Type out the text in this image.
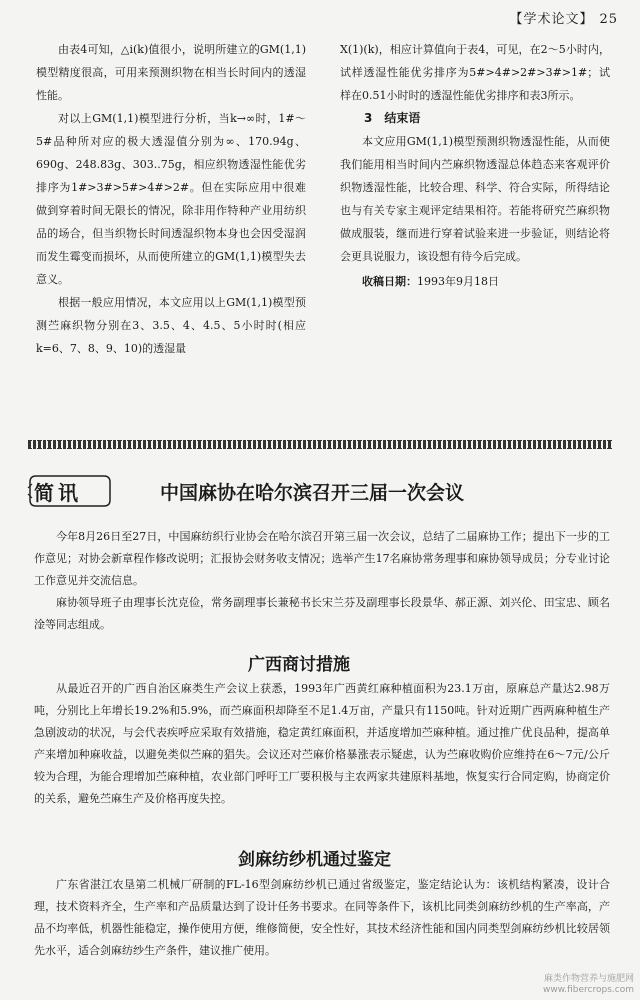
【学术论文】 25

由表4可知，△i(k)值很小，说明所建立的GM(1,1)模型精度很高，可用来预测织物在相当长时间内的透湿性能。

对以上GM(1,1)模型进行分析，当k→∞时，1#～5#品种所对应的极大透湿值分别为∞、170.94g、690g、248.83g、303..75g，相应织物透湿性能优劣排序为1#>3#>5#>4#>2#。但在实际应用中很难做到穿着时间无限长的情况，除非用作特种产业用纺织品的场合，但当织物长时间透湿织物本身也会因受湿润而发生霉变而损坏，从而使所建立的GM(1,1)模型失去意义。

根据一般应用情况，本文应用以上GM(1,1)模型预测苎麻织物分别在3、3.5、4、4.5、5小时时(相应k=6、7、8、9、10)的透湿量

X(1)(k)，相应计算值向于表4，可见，在2～5小时内，试样透湿性能优劣排序为5#>4#>2#>3#>1#；试样在0.51小时时的透湿性能优劣排序和表3所示。

3　结束语

本文应用GM(1,1)模型预测织物透湿性能，从而使我们能用相当时间内苎麻织物透湿总体趋态来客观评价织物透湿性能，比较合理、科学、符合实际，所得结论也与有关专家主观评定结果相符。若能将研究苎麻织物做成服装，继而进行穿着试验来进一步验证，则结论将会更具说服力，该设想有待今后完成。

收稿日期：1993年9月18日
简讯	中国麻协在哈尔滨召开三届一次会议

今年8月26日至27日，中国麻纺织行业协会在哈尔滨召开第三届一次会议，总结了二届麻协工作；提出下一步的工作意见；对协会新章程作修改说明；汇报协会财务收支情况；选举产生17名麻协常务理事和麻协领导成员；分专业讨论工作意见并交流信息。

麻协领导班子由理事长沈克俭，常务副理事长兼秘书长宋兰芬及副理事长段景华、郝正源、刘兴伦、田宝忠、顾名淦等同志组成。

广西商讨措施

从最近召开的广西自治区麻类生产会议上获悉，1993年广西黄红麻种植面积为23.1万亩，原麻总产量达2.98万吨，分别比上年增长19.2%和5.9%，而苎麻面积却降至不足1.4万亩，产量只有1150吨。针对近期广西两麻种植生产急剧波动的状况，与会代表疾呼应采取有效措施，稳定黄红麻面积，并适度增加苎麻种植。通过推广优良品种，提高单产来增加种麻收益，以避免类似苎麻的猖失。会议还对苎麻价格暴涨表示疑虑，认为苎麻收购价应维持在6～7元/公斤较为合理，为能合理增加苎麻种植，农业部门呼吁工厂要积极与主农两家共建原料基地，恢复实行合同定购，协商定价的关系，避免苎麻生产及价格再度失控。

剑麻纺纱机通过鉴定

广东省湛江农垦第二机械厂研制的FL-16型剑麻纺纱机已通过省级鉴定，鉴定结论认为：该机结构紧凑，设计合理，技术资料齐全，生产率和产品质量达到了设计任务书要求。在同等条件下，该机比同类剑麻纺纱机的生产率高，产品不均率低，机器性能稳定，操作使用方便，维修简便，安全性好，其技术经济性能和国内同类型剑麻纺纱机比较居领先水平，适合剑麻纺纱生产条件，建议推广使用。

麻类作物营养与施肥网
www.fibercrops.com
